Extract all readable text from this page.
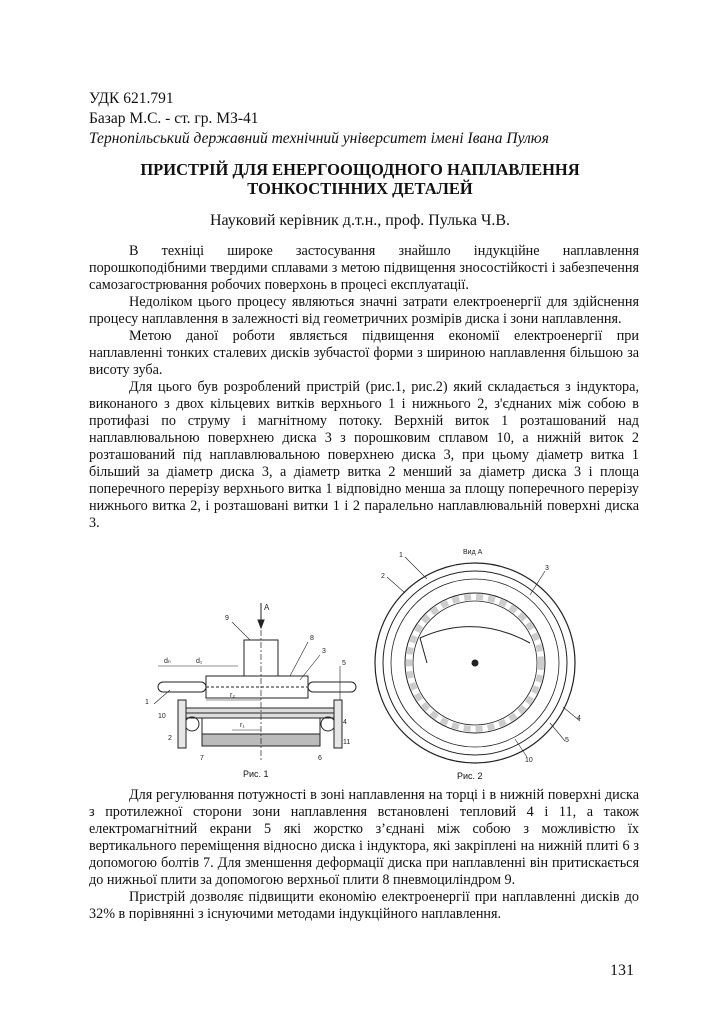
УДК 621.791
Базар М.С. - ст. гр. МЗ-41
Тернопільський державний технічний університет імені Івана Пулюя
ПРИСТРІЙ ДЛЯ ЕНЕРГООЩОДНОГО НАПЛАВЛЕННЯ
ТОНКОСТІННИХ ДЕТАЛЕЙ
Науковий керівник д.т.н., проф. Пулька Ч.В.

В техніці широке застосування знайшло індукційне наплавлення порошкоподібними твердими сплавами з метою підвищення зносостійкості і забезпечення самозагострювання робочих поверхонь в процесі експлуатації.

Недоліком цього процесу являються значні затрати електроенергії для здійснення процесу наплавлення в залежності від геометричних розмірів диска і зони наплавлення.

Метою даної роботи являється підвищення економії електроенергії при наплавленні тонких сталевих дисків зубчастої форми з шириною наплавлення більшою за висоту зуба.

Для цього був розроблений пристрій (рис.1, рис.2) який складається з індуктора, виконаного з двох кільцевих витків верхнього 1 і нижнього 2, з'єднаних між собою в протифазі по струму і магнітному потоку. Верхній виток 1 розташований над наплавлювальною поверхнею диска 3 з порошковим сплавом 10, а нижній виток 2 розташований під наплавлювальною поверхнею диска 3, при цьому діаметр витка 1 більший за діаметр диска 3, а діаметр витка 2 менший за діаметр диска 3 і площа поперечного перерізу верхнього витка 1 відповідно менша за площу поперечного перерізу нижнього витка 2, і розташовані витки 1 і 2 паралельно наплавлювальній поверхні диска 3.

A
dₙ	d₁
r₂
r₁
9
8
3
5
1
10
4
2
11
7	6
Рис. 1
Вид А
1
2
3
4
5
10
Рис. 2

Для регулювання потужності в зоні наплавлення на торці і в нижній поверхні диска з протилежної сторони зони наплавлення встановлені тепловий 4 і 11, а також електромагнітний екрани 5 які жорстко з’єднані між собою з можливістю їх вертикального переміщення відносно диска і індуктора, які закріплені на нижній плиті 6 з допомогою болтів 7. Для зменшення деформації диска при наплавленні він притискається до нижньої плити за допомогою верхньої плити 8 пневмоциліндром 9.

Пристрій дозволяє підвищити економію електроенергії при наплавленні дисків до 32% в порівнянні з існуючими методами індукційного наплавлення.

131
